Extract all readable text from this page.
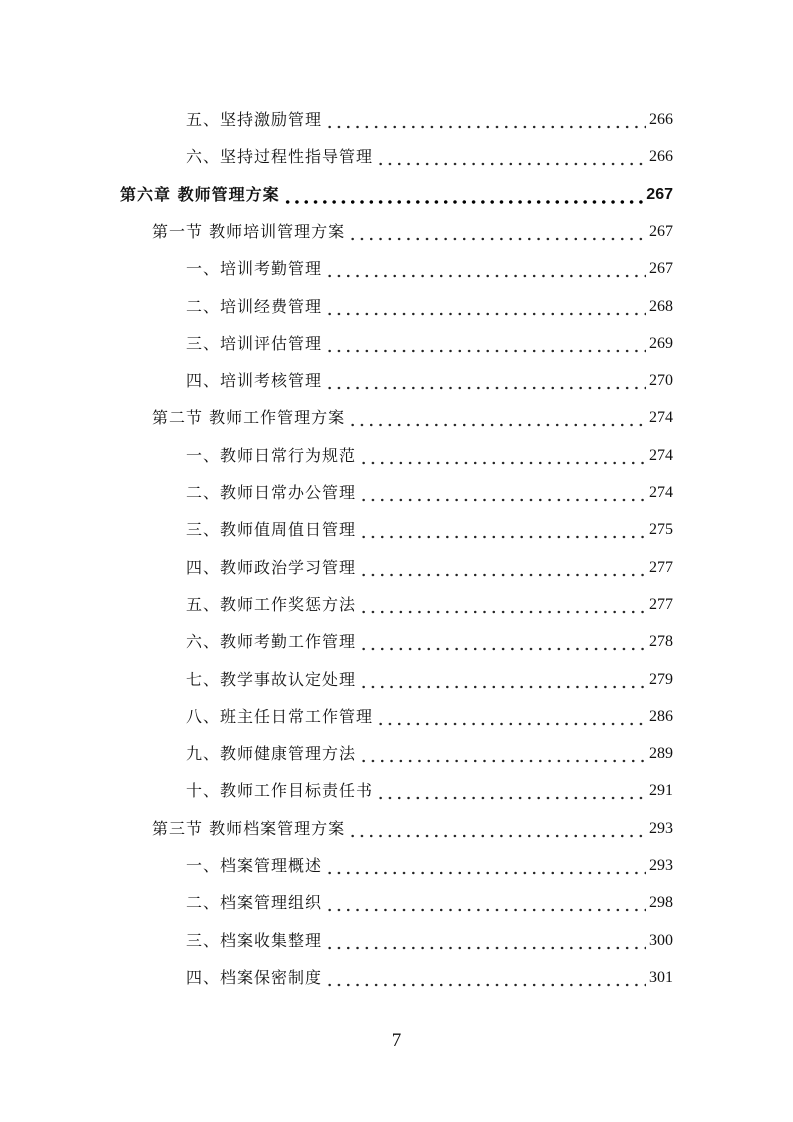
五、坚持激励管理	266
六、坚持过程性指导管理	266
第六章 教师管理方案	267
第一节 教师培训管理方案	267
一、培训考勤管理	267
二、培训经费管理	268
三、培训评估管理	269
四、培训考核管理	270
第二节 教师工作管理方案	274
一、教师日常行为规范	274
二、教师日常办公管理	274
三、教师值周值日管理	275
四、教师政治学习管理	277
五、教师工作奖惩方法	277
六、教师考勤工作管理	278
七、教学事故认定处理	279
八、班主任日常工作管理	286
九、教师健康管理方法	289
十、教师工作目标责任书	291
第三节 教师档案管理方案	293
一、档案管理概述	293
二、档案管理组织	298
三、档案收集整理	300
四、档案保密制度	301
7
